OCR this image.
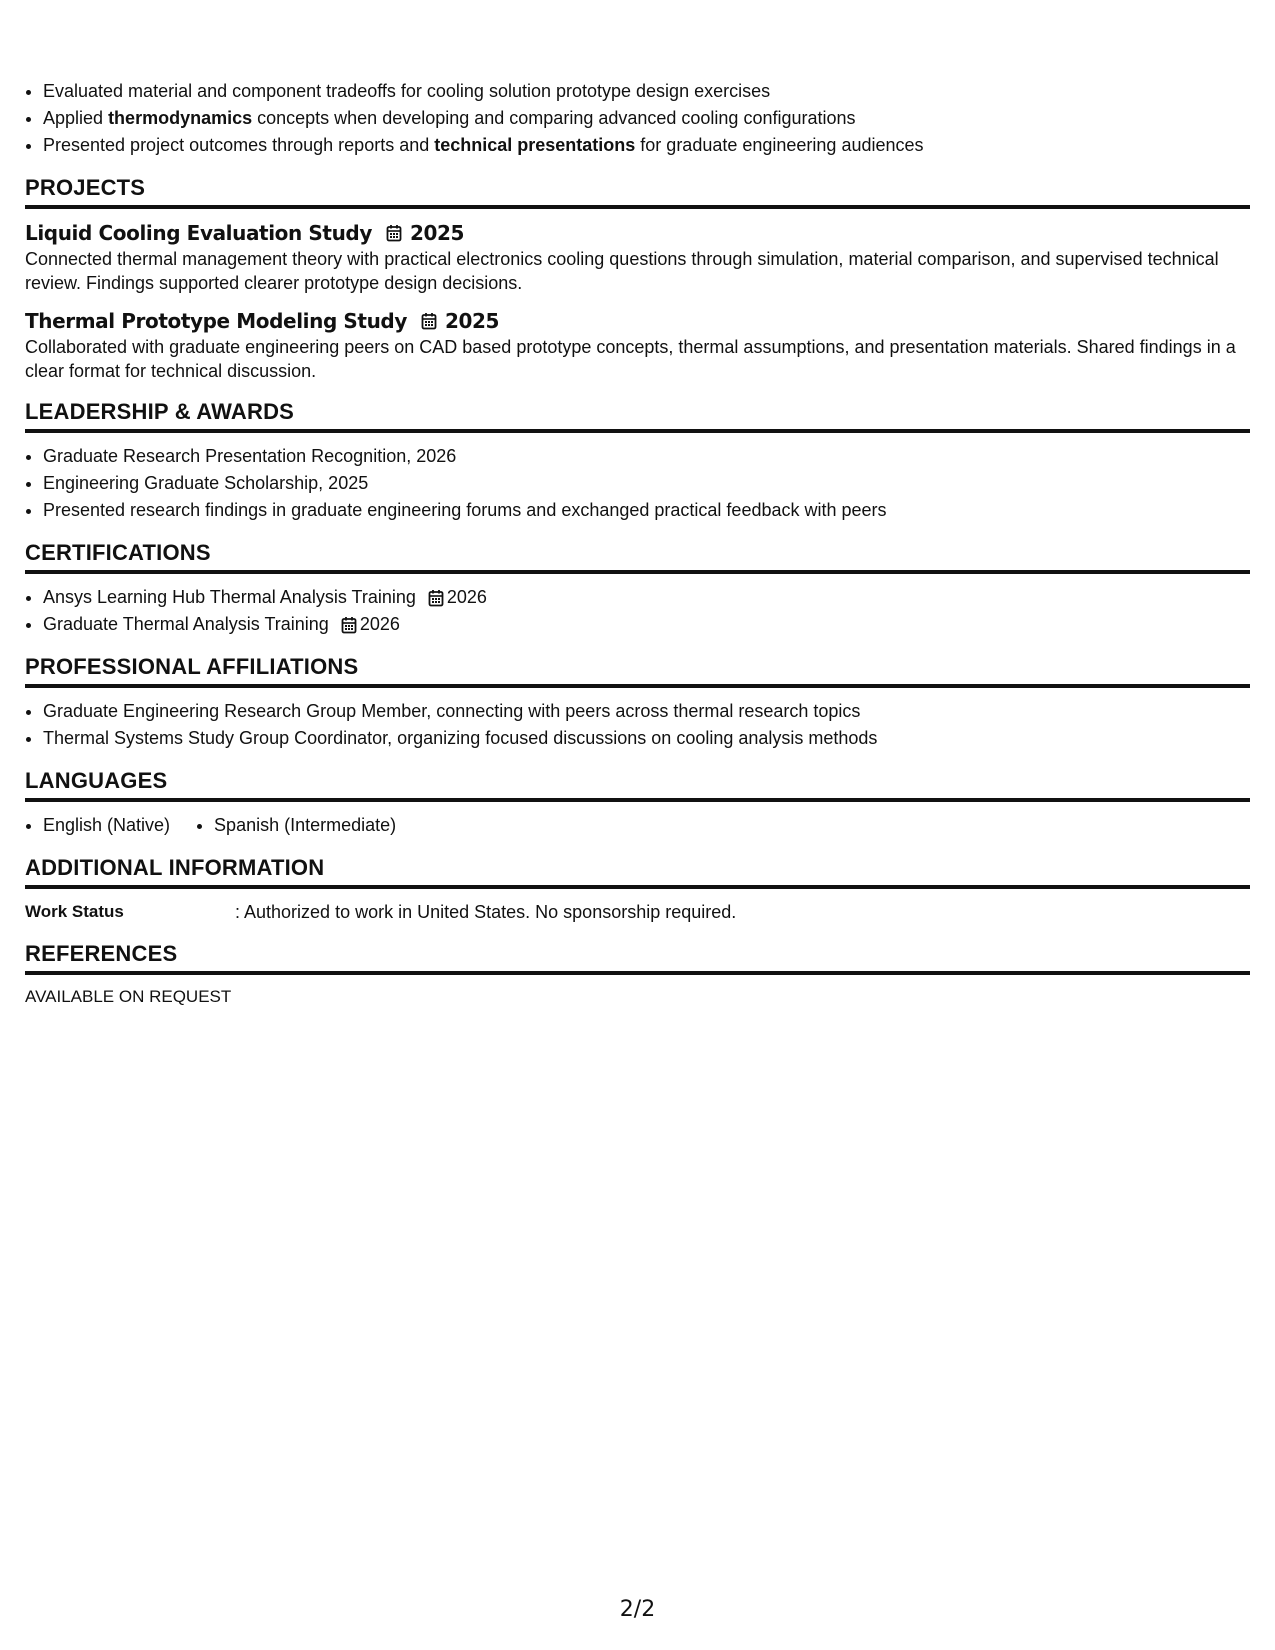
• Evaluated material and component tradeoffs for cooling solution prototype design exercises
• Applied thermodynamics concepts when developing and comparing advanced cooling configurations
• Presented project outcomes through reports and technical presentations for graduate engineering audiences
PROJECTS
Liquid Cooling Evaluation Study 2025
Connected thermal management theory with practical electronics cooling questions through simulation, material comparison, and supervised technical review. Findings supported clearer prototype design decisions.
Thermal Prototype Modeling Study 2025
Collaborated with graduate engineering peers on CAD based prototype concepts, thermal assumptions, and presentation materials. Shared findings in a clear format for technical discussion.
LEADERSHIP & AWARDS
• Graduate Research Presentation Recognition, 2026
• Engineering Graduate Scholarship, 2025
• Presented research findings in graduate engineering forums and exchanged practical feedback with peers
CERTIFICATIONS
• Ansys Learning Hub Thermal Analysis Training 2026
• Graduate Thermal Analysis Training 2026
PROFESSIONAL AFFILIATIONS
• Graduate Engineering Research Group Member, connecting with peers across thermal research topics
• Thermal Systems Study Group Coordinator, organizing focused discussions on cooling analysis methods
LANGUAGES
• English (Native)
• Spanish (Intermediate)
ADDITIONAL INFORMATION
Work Status	: Authorized to work in United States. No sponsorship required.
REFERENCES
AVAILABLE ON REQUEST
2/2
